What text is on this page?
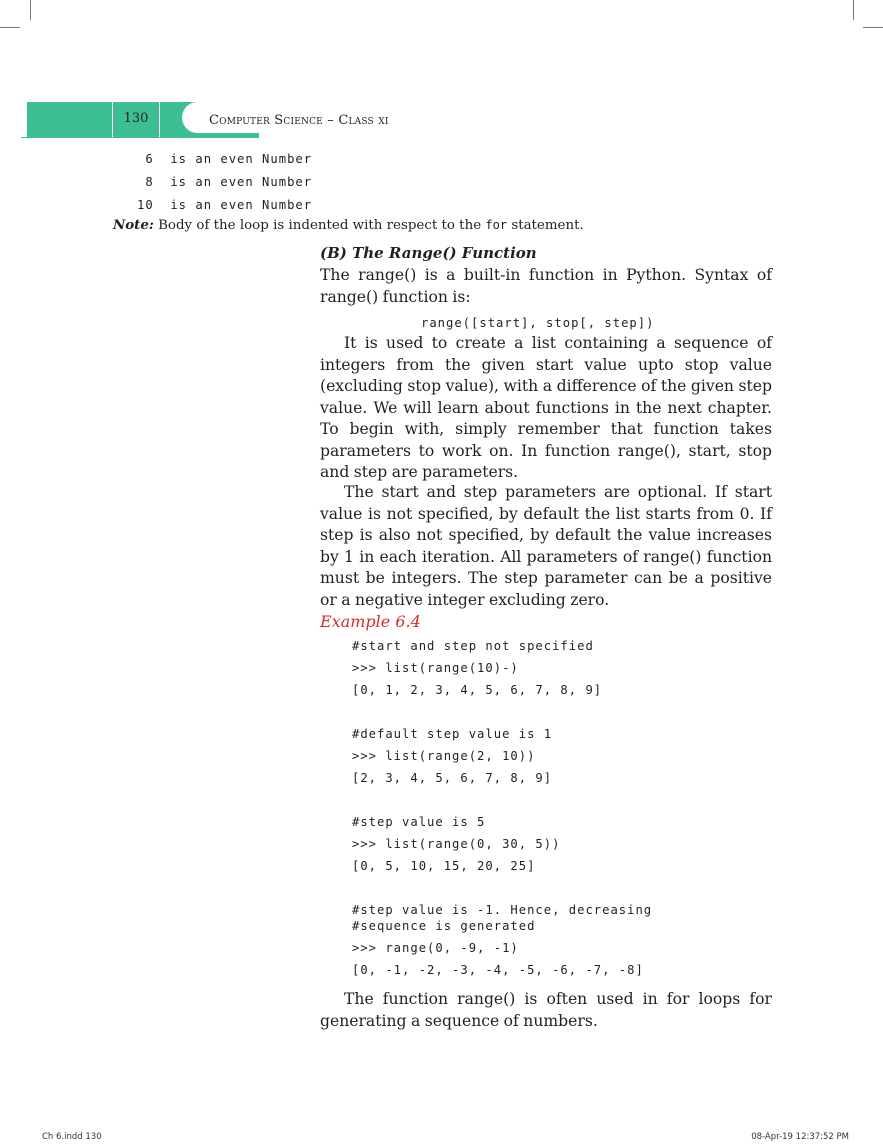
130	Computer Science – Class xi
6  is an even Number
8  is an even Number
10  is an even Number
Note: Body of the loop is indented with respect to the for statement.
(B) The Range() Function
The range() is a built-in function in Python. Syntax of range() function is:
range([start], stop[, step])
It is used to create a list containing a sequence of integers from the given start value upto stop value (excluding stop value), with a difference of the given step value. We will learn about functions in the next chapter. To begin with, simply remember that function takes parameters to work on. In function range(), start, stop and step are parameters.
The start and step parameters are optional. If start value is not specified, by default the list starts from 0. If step is also not specified, by default the value increases by 1 in each iteration. All parameters of range() function must be integers. The step parameter can be a positive or a negative integer excluding zero.
Example 6.4
#start and step not specified
>>> list(range(10)-)
[0, 1, 2, 3, 4, 5, 6, 7, 8, 9]
#default step value is 1
>>> list(range(2, 10))
[2, 3, 4, 5, 6, 7, 8, 9]
#step value is 5
>>> list(range(0, 30, 5))
[0, 5, 10, 15, 20, 25]
#step value is -1. Hence, decreasing
#sequence is generated
>>> range(0, -9, -1)
[0, -1, -2, -3, -4, -5, -6, -7, -8]
The function range() is often used in for loops for generating a sequence of numbers.
Ch 6.indd 130	08-Apr-19 12:37:52 PM
